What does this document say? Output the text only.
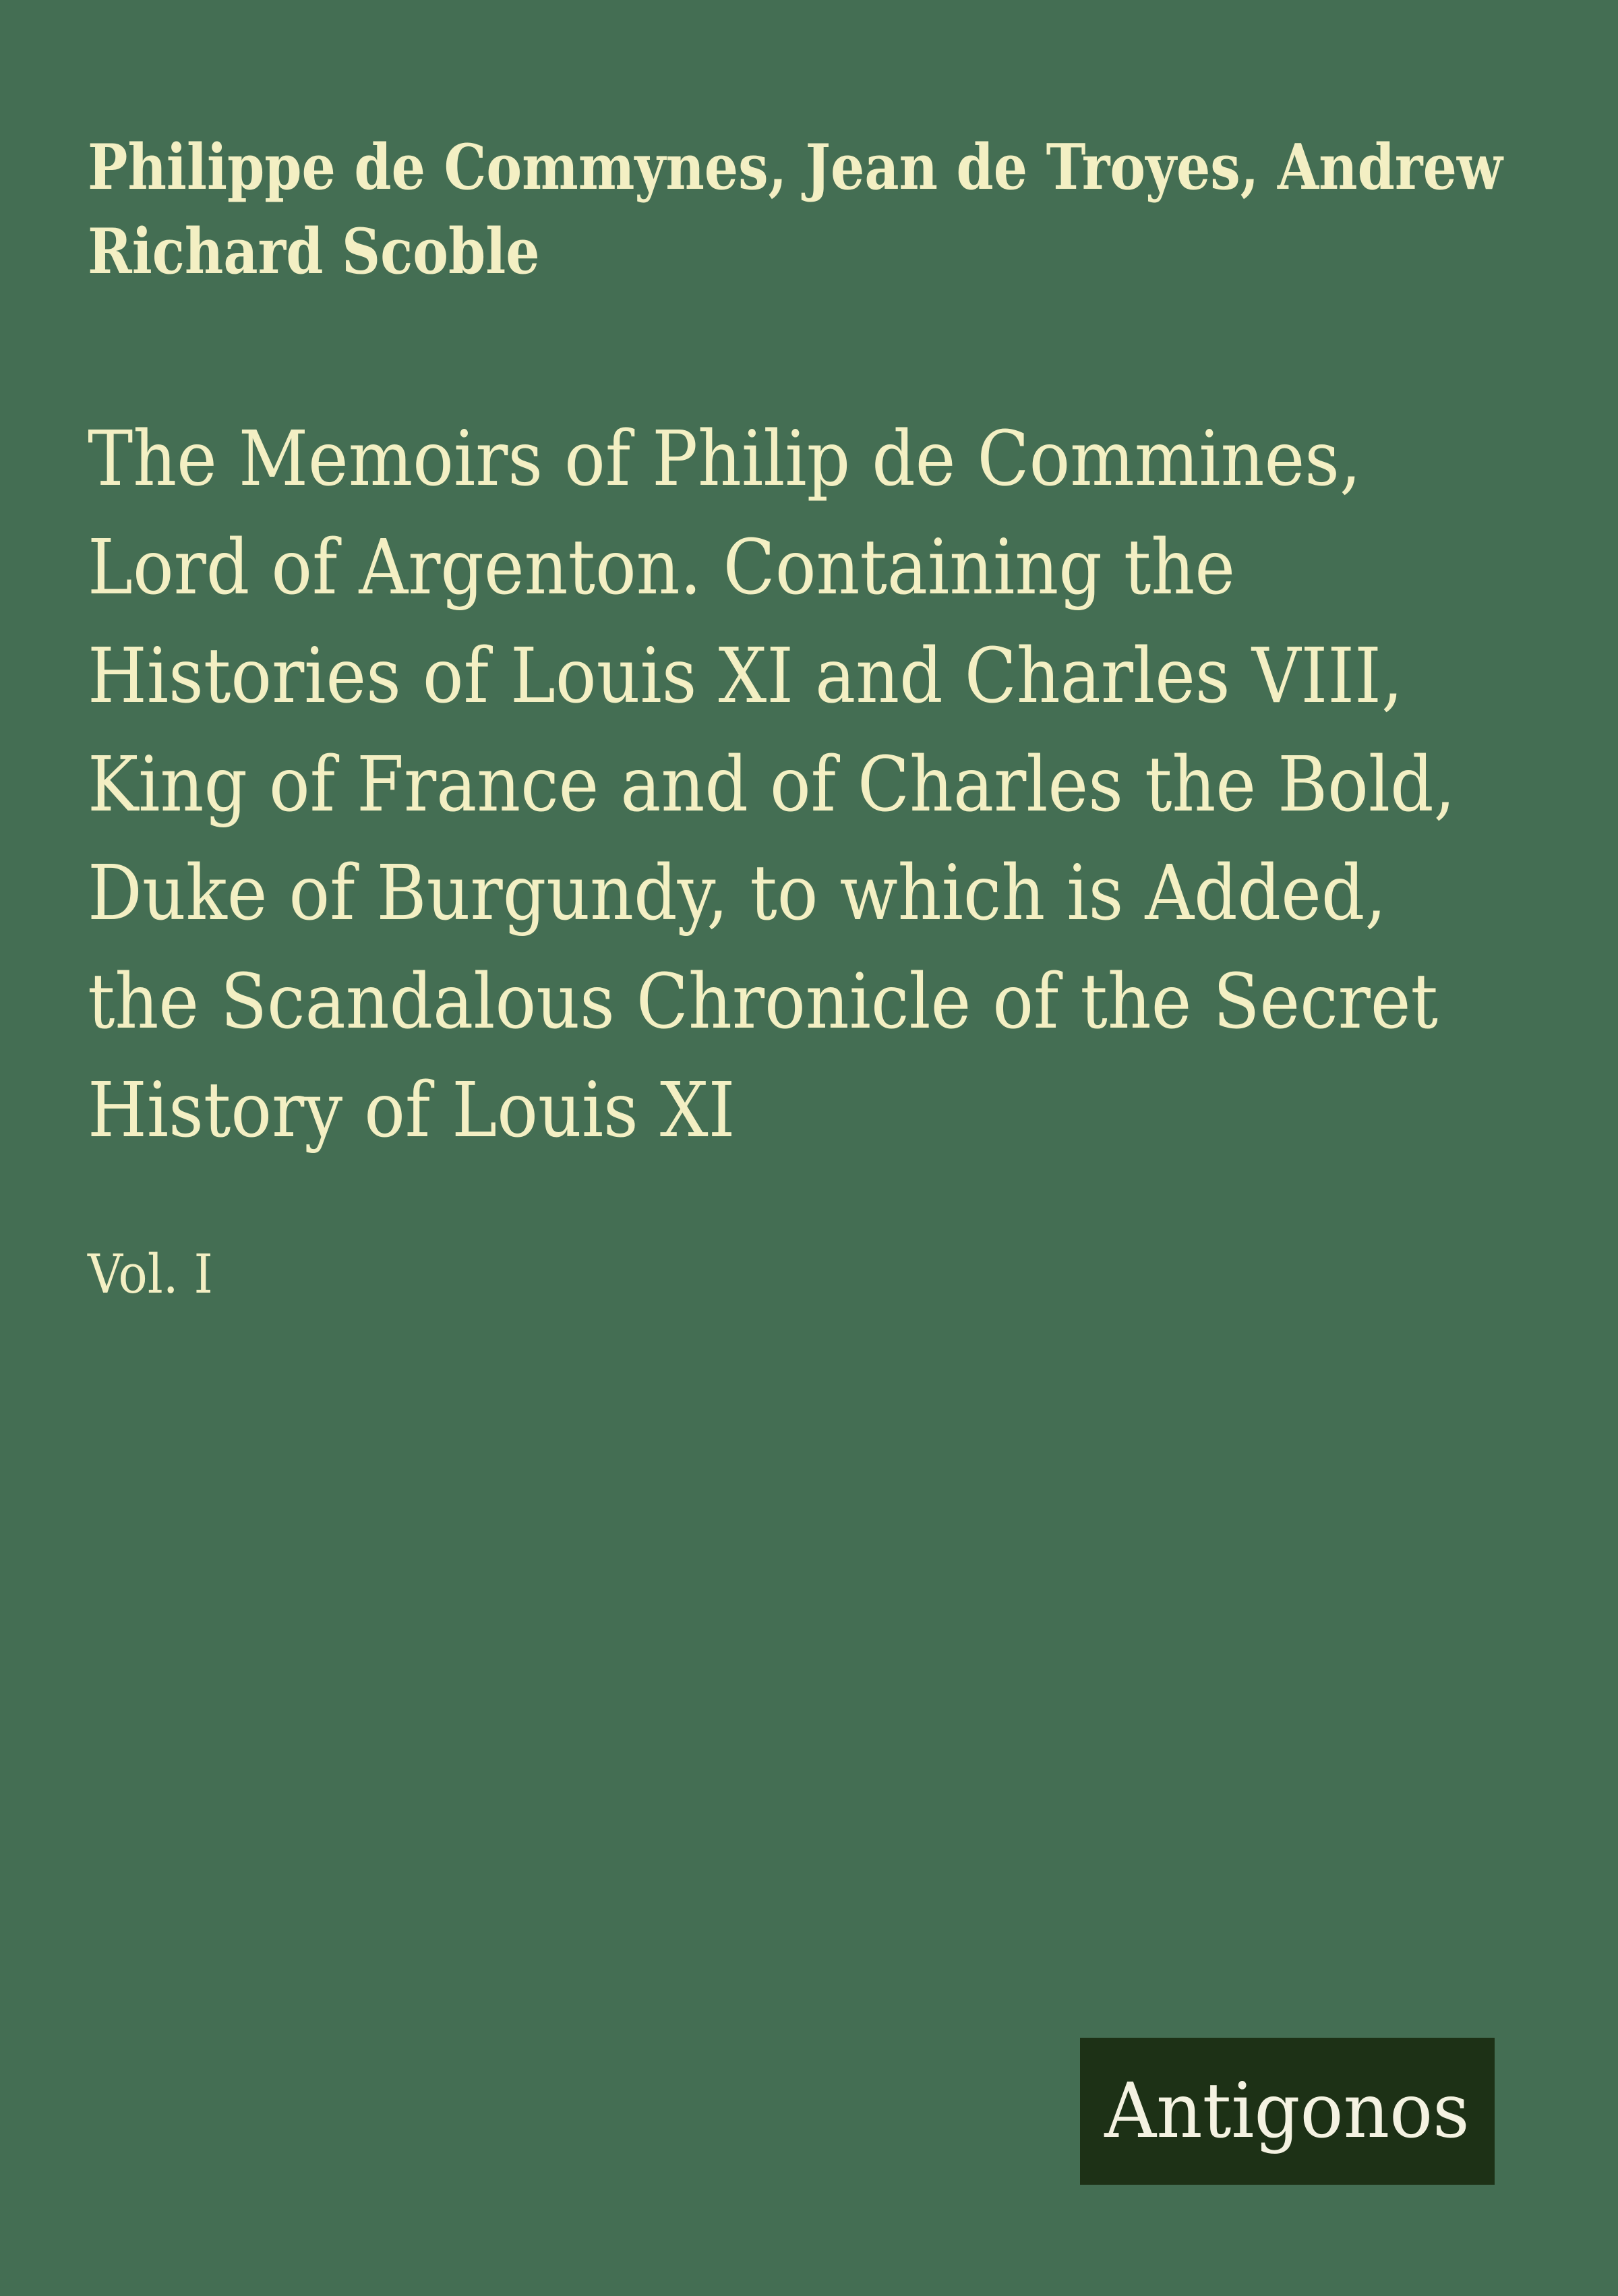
Philippe de Commynes, Jean de Troyes, Andrew
Richard Scoble
The Memoirs of Philip de Commines,
Lord of Argenton. Containing the
Histories of Louis XI and Charles VIII,
King of France and of Charles the Bold,
Duke of Burgundy, to which is Added,
the Scandalous Chronicle of the Secret
History of Louis XI
Vol. I
Antigonos
